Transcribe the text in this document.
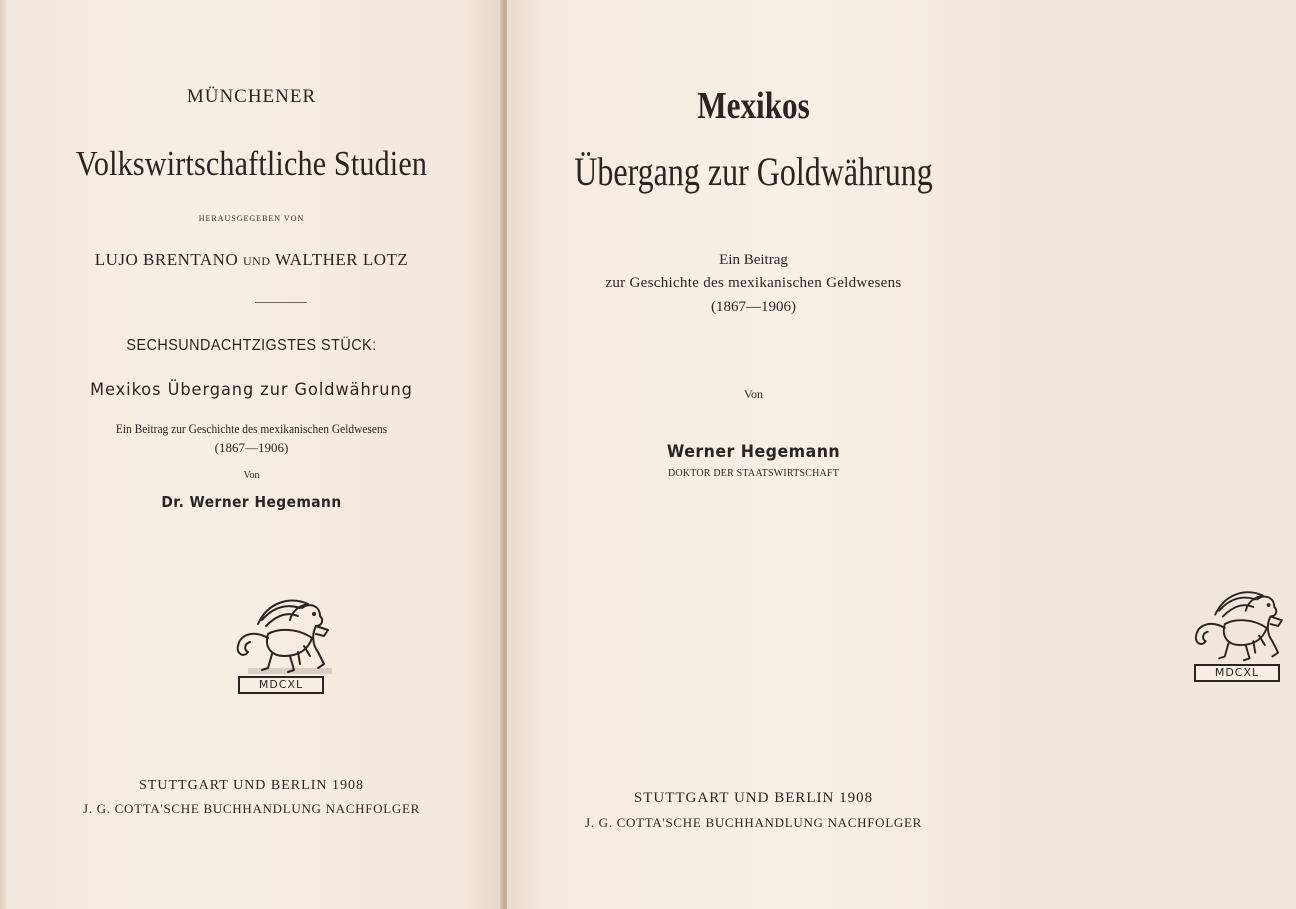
MÜNCHENER
Volkswirtschaftliche Studien
HERAUSGEGEBEN VON
LUJO BRENTANO UND WALTHER LOTZ
SECHSUNDACHTZIGSTES STÜCK:
Mexikos Übergang zur Goldwährung
Ein Beitrag zur Geschichte des mexikanischen Geldwesens
(1867—1906)
Von
Dr. Werner Hegemann
MDCXL
STUTTGART UND BERLIN 1908
J. G. COTTA'SCHE BUCHHANDLUNG NACHFOLGER
Mexikos
Übergang zur Goldwährung
Ein Beitrag
zur Geschichte des mexikanischen Geldwesens
(1867—1906)
Von
Werner Hegemann
DOKTOR DER STAATSWIRTSCHAFT
MDCXL
STUTTGART UND BERLIN 1908
J. G. COTTA'SCHE BUCHHANDLUNG NACHFOLGER
